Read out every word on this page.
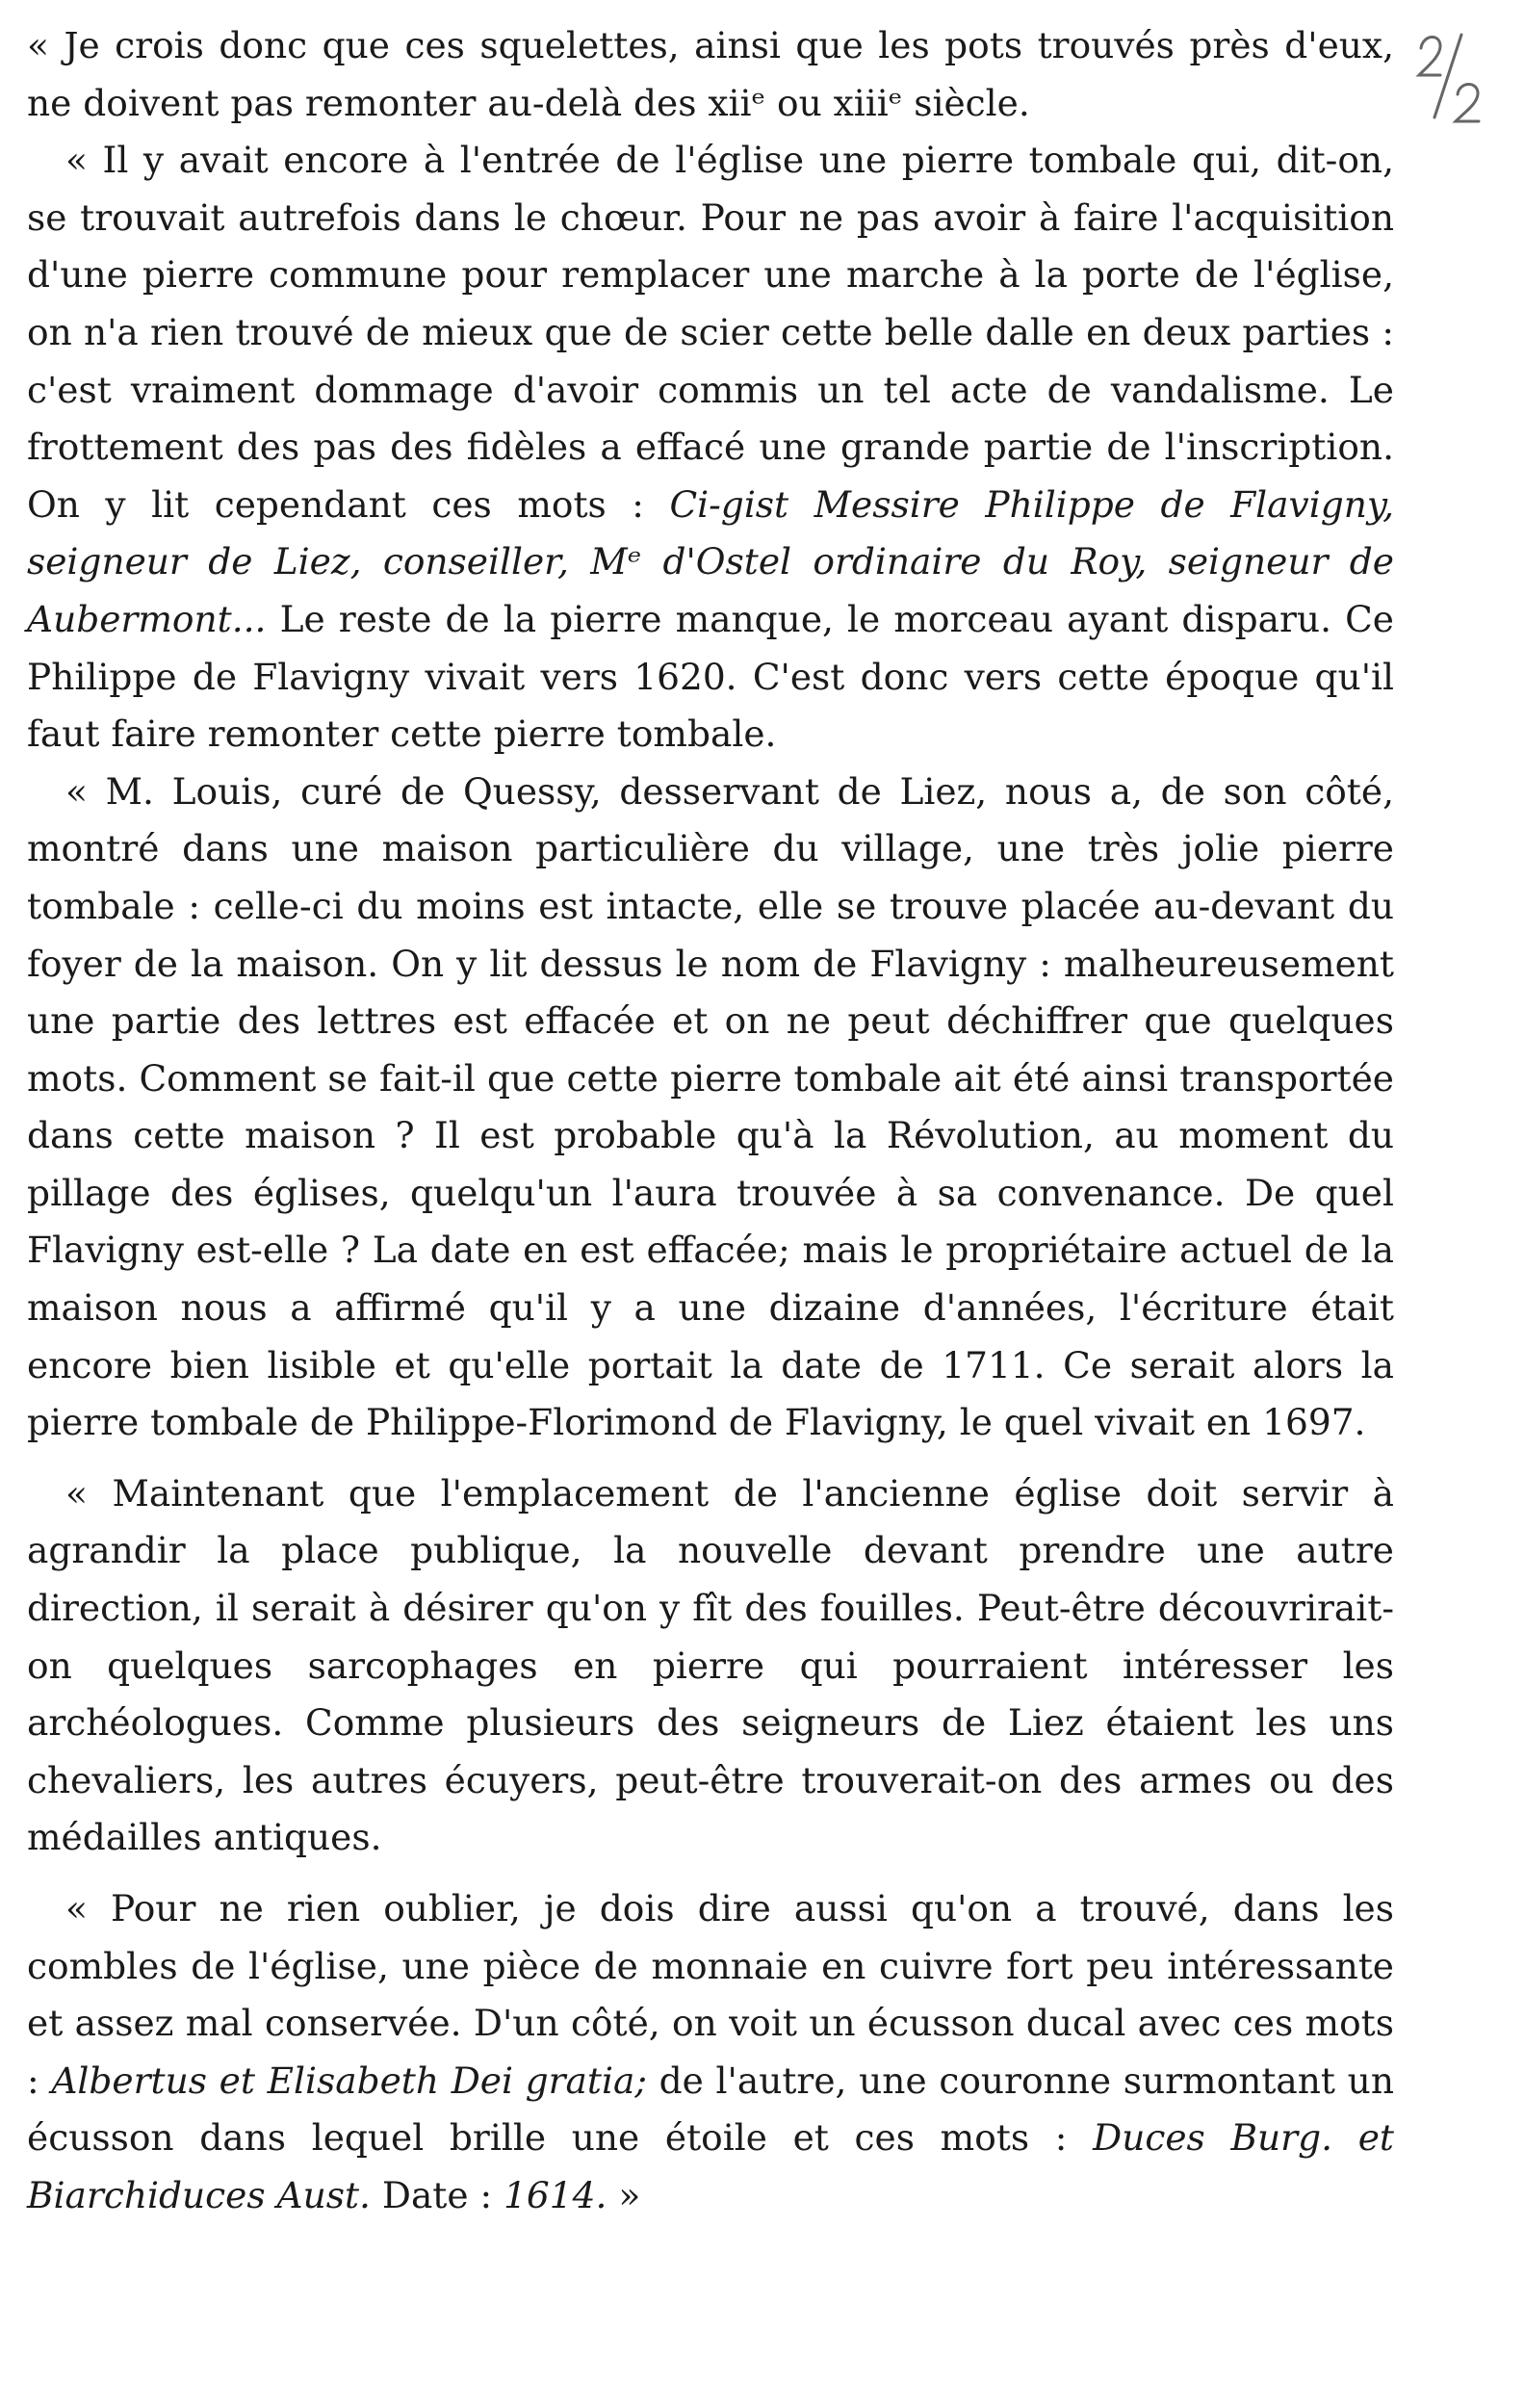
« Je crois donc que ces squelettes, ainsi que les pots trouvés près d'eux, ne doivent pas remonter au-delà des xiiᵉ ou xiiiᵉ siècle.

« Il y avait encore à l'entrée de l'église une pierre tombale qui, dit-on, se trouvait autrefois dans le chœur. Pour ne pas avoir à faire l'acquisition d'une pierre commune pour remplacer une marche à la porte de l'église, on n'a rien trouvé de mieux que de scier cette belle dalle en deux parties : c'est vraiment dommage d'avoir commis un tel acte de vandalisme. Le frottement des pas des fidèles a effacé une grande partie de l'inscription. On y lit cependant ces mots : Ci-gist Messire Philippe de Flavigny, seigneur de Liez, conseiller, Mᵉ d'Ostel ordinaire du Roy, seigneur de Aubermont... Le reste de la pierre manque, le morceau ayant disparu. Ce Philippe de Flavigny vivait vers 1620. C'est donc vers cette époque qu'il faut faire remonter cette pierre tombale.

« M. Louis, curé de Quessy, desservant de Liez, nous a, de son côté, montré dans une maison particulière du village, une très jolie pierre tombale : celle-ci du moins est intacte, elle se trouve placée au-devant du foyer de la maison. On y lit dessus le nom de Flavigny : malheureusement une partie des lettres est effacée et on ne peut déchiffrer que quelques mots. Comment se fait-il que cette pierre tombale ait été ainsi transportée dans cette maison ? Il est probable qu'à la Révolution, au moment du pillage des églises, quelqu'un l'aura trouvée à sa convenance. De quel Flavigny est-elle ? La date en est effacée; mais le propriétaire actuel de la maison nous a affirmé qu'il y a une dizaine d'années, l'écriture était encore bien lisible et qu'elle portait la date de 1711. Ce serait alors la pierre tombale de Philippe-Florimond de Flavigny, le quel vivait en 1697.

« Maintenant que l'emplacement de l'ancienne église doit servir à agrandir la place publique, la nouvelle devant prendre une autre direction, il serait à désirer qu'on y fît des fouilles. Peut-être découvrirait-on quelques sarcophages en pierre qui pourraient intéresser les archéologues. Comme plusieurs des seigneurs de Liez étaient les uns chevaliers, les autres écuyers, peut-être trouverait-on des armes ou des médailles antiques.

« Pour ne rien oublier, je dois dire aussi qu'on a trouvé, dans les combles de l'église, une pièce de monnaie en cuivre fort peu intéressante et assez mal conservée. D'un côté, on voit un écusson ducal avec ces mots : Albertus et Elisabeth Dei gratia; de l'autre, une couronne surmontant un écusson dans lequel brille une étoile et ces mots : Duces Burg. et Biarchiduces Aust. Date : 1614. »
